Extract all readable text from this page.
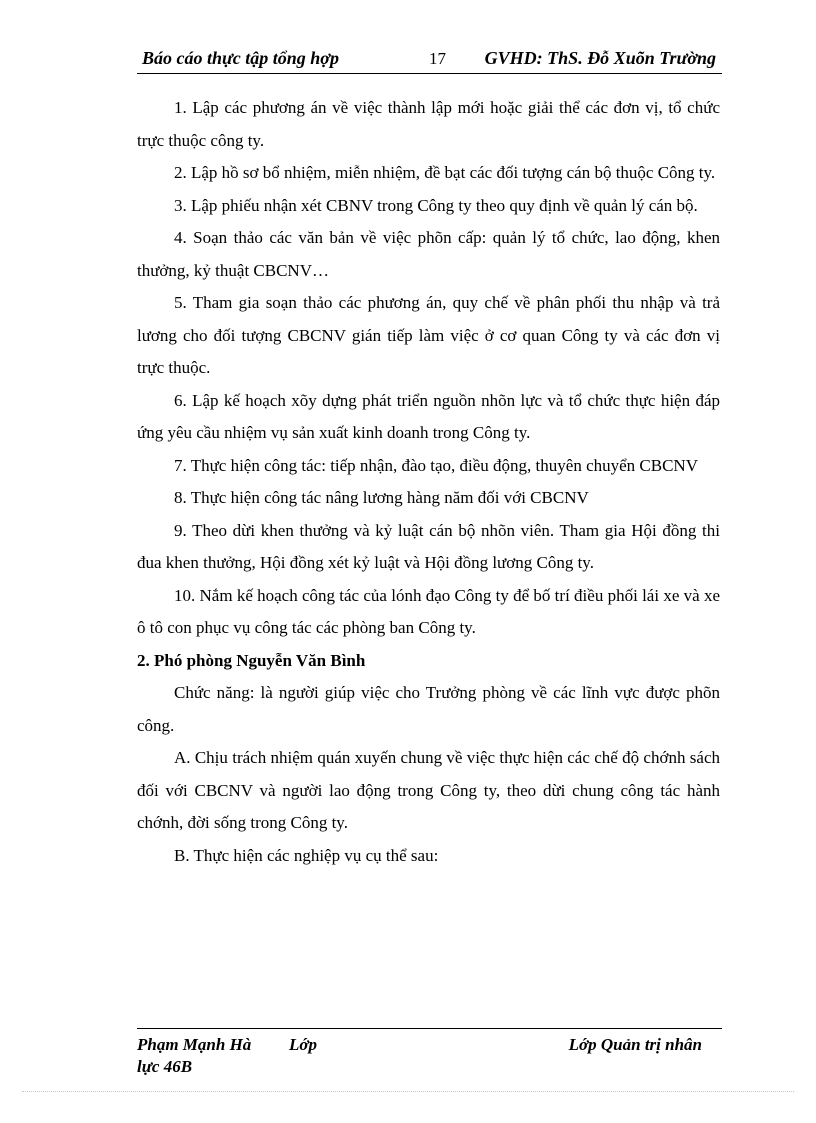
Báo cáo thực tập tổng hợp	17 GVHD: ThS. Đỗ Xuõn Trường

1. Lập các phương án về việc thành lập mới hoặc giải thể các đơn vị, tổ chức trực thuộc công ty.

2. Lập hồ sơ bổ nhiệm, miễn nhiệm, đề bạt các đối tượng cán bộ thuộc Công ty.

3. Lập phiếu nhận xét CBNV trong Công ty theo quy định về quản lý cán bộ.

4. Soạn thảo các văn bản về việc phõn cấp: quản lý tổ chức, lao động, khen thưởng, kỷ thuật CBCNV…

5. Tham gia soạn thảo các phương án, quy chế về phân phối thu nhập và trả lương cho đối tượng CBCNV gián tiếp làm việc ở cơ quan Công ty và các đơn vị trực thuộc.

6. Lập kế hoạch xõy dựng phát triển nguồn nhõn lực và tổ chức thực hiện đáp ứng yêu cầu nhiệm vụ sản xuất kinh doanh trong Công ty.

7. Thực hiện công tác: tiếp nhận, đào tạo, điều động, thuyên chuyển CBCNV

8. Thực hiện công tác nâng lương hàng năm đối với CBCNV

9. Theo dừi khen thưởng và kỷ luật cán bộ nhõn viên. Tham gia Hội đồng thi đua khen thưởng, Hội đồng xét kỷ luật và Hội đồng lương Công ty.

10. Nắm kế hoạch công tác của lónh đạo Công ty để bố trí điều phối lái xe và xe ô tô con phục vụ công tác các phòng ban Công ty.

2. Phó phòng Nguyễn Văn Bình

Chức năng: là người giúp việc cho Trưởng phòng về các lĩnh vực được phõn công.

A. Chịu trách nhiệm quán xuyến chung về việc thực hiện các chế độ chớnh sách đối với CBCNV và người lao động trong Công ty, theo dừi chung công tác hành chớnh, đời sống trong Công ty.

B. Thực hiện các nghiệp vụ cụ thể sau:

Phạm Mạnh Hà Lớp	Lớp Quản trị nhân
lực 46B
